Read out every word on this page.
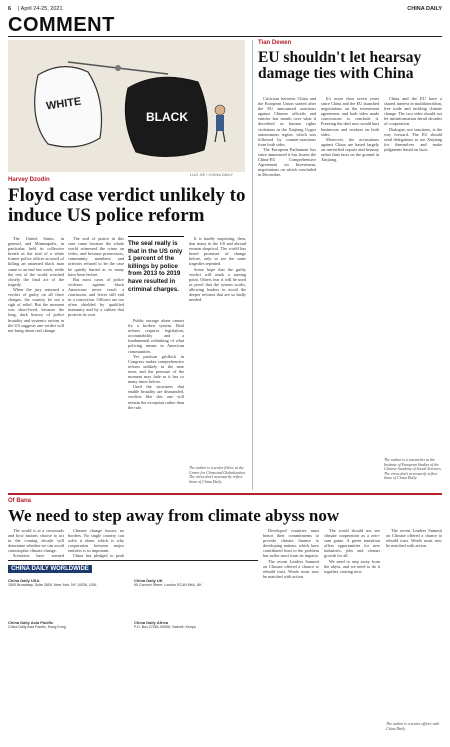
6 | April 24-25, 2021	CHINA DAILY
COMMENT
WHITE
BLACK
LUO JIE / CHINA DAILY
Harvey Dzodin
Floyd case verdict unlikely to induce US police reform

The United States, in general, and Minneapolis, in particular, held its collective breath as the trial of a white former police officer accused of killing an unarmed black man came to an end last week, while the rest of the world watched closely the final act of the tragedy.

When the jury returned a verdict of guilty on all three charges, the country let out a sigh of relief. But the moment was short-lived, because the long, dark history of police brutality and systemic racism in the US suggests one verdict will not bring about real change.

The seal of justice in this case came because the whole world witnessed the crime on video, and because prosecutors, community members and activists refused to let the case be quietly buried as so many have been before.

But most cases of police violence against black Americans never reach a courtroom, and fewer still end in a conviction. Officers are too often shielded by qualified immunity and by a culture that protects its own.

The seal really is that in the US only 1 percent of the killings by police from 2013 to 2019 have resulted in criminal charges.

Public outrage alone cannot fix a broken system. Real reform requires legislation, accountability and a fundamental rethinking of what policing means in American communities.

Yet partisan gridlock in Congress makes comprehensive reform unlikely in the near term, and the pressure of the moment may fade as it has so many times before.

Until the structures that enable brutality are dismantled, verdicts like this one will remain the exception rather than the rule.

It is hardly surprising, then, that many in the US and abroad remain skeptical. The world has heard promises of change before, only to see the same tragedies repeated.

Some hope that the guilty verdict will mark a turning point. Others fear it will be used as proof that the system works, allowing leaders to avoid the deeper reforms that are so badly needed.

The author is a senior fellow at the Center for China and Globalization. The views don't necessarily reflect those of China Daily.
Tian Dewen
EU shouldn't let hearsay damage ties with China

Criticism between China and the European Union started after the EU announced sanctions against Chinese officials and entities last month over what it described as human rights violations in the Xinjiang Uygur autonomous region, which was followed by counter-sanctions from both sides.

The European Parliament has since announced it has frozen the China-EU Comprehensive Agreement on Investment, negotiations on which concluded in December.

It's more than seven years since China and the EU launched negotiations on the investment agreement, and both sides made concessions to conclude it. Freezing the deal now would hurt businesses and workers on both sides.

Moreover, the accusations against China are based largely on unverified reports and hearsay rather than facts on the ground in Xinjiang.

China and the EU have a shared interest in multilateralism, free trade and tackling climate change. The two sides should not let misinformation derail decades of cooperation.

Dialogue, not sanctions, is the way forward. The EU should send delegations to see Xinjiang for themselves and make judgments based on facts.

The author is a researcher at the Institute of European Studies of the Chinese Academy of Social Sciences. The views don't necessarily reflect those of China Daily.
Of Bana
We need to step away from climate abyss now

The world is at a crossroads and how nations choose to act in the coming decade will determine whether we can avoid catastrophic climate change.

Scientists have warned

Climate change knows no borders. No single country can solve it alone, which is why cooperation between major emitters is so important.

China has pledged to peak

Developed countries must honor their commitments to provide climate finance to developing nations, which have contributed least to the problem but suffer most from its impacts.

The recent Leaders Summit on Climate offered a chance to rebuild trust. Words must now be matched with action.

The world should not see climate cooperation as a zero-sum game. A green transition offers opportunities for new industries, jobs and cleaner growth for all.

We need to step away from the abyss, and we need to do it together, starting now.

The recent Leaders Summit on Climate offered a chance to rebuild trust. Words must now be matched with action.

The author is a senior officer with China Daily.
CHINA DAILY WORLDWIDE
China Daily USA
1500 Broadway, Suite 2800, New York, NY 10036, USA
China Daily UK
90 Cannon Street, London EC4N 6HA, UK
China Daily Asia Pacific
China Daily Asia Pacific, Hong Kong
China Daily Africa
P.O. Box 27281-00506, Nairobi, Kenya
